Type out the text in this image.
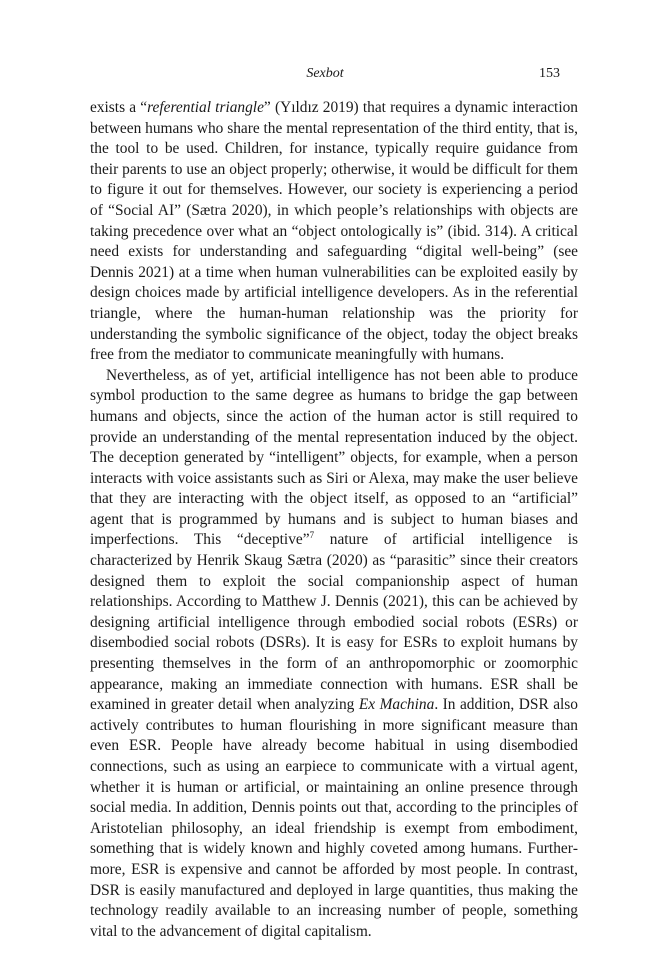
Sexbot	153

exists a “referential triangle” (Yıldız 2019) that requires a dynamic interaction between humans who share the mental representation of the third entity, that is, the tool to be used. Children, for instance, typically require guidance from their parents to use an object properly; otherwise, it would be difficult for them to figure it out for themselves. However, our society is experiencing a period of “Social AI” (Sætra 2020), in which people’s relationships with objects are taking precedence over what an “object ontologically is” (ibid. 314). A critical need exists for understanding and safeguarding “digital well-being” (see Dennis 2021) at a time when human vulnerabilities can be exploited easily by design choices made by artificial intelligence developers. As in the referential triangle, where the human-human relationship was the priority for understanding the symbolic significance of the object, today the object breaks free from the mediator to communicate meaningfully with humans.

Nevertheless, as of yet, artificial intelligence has not been able to produce symbol production to the same degree as humans to bridge the gap between humans and objects, since the action of the human actor is still required to provide an understanding of the mental representation induced by the object. The deception generated by “intelligent” objects, for example, when a person interacts with voice assistants such as Siri or Alexa, may make the user believe that they are interacting with the object itself, as opposed to an “artificial” agent that is programmed by humans and is subject to human biases and imperfections. This “deceptive”$^7$ nature of artificial intelligence is characterized by Henrik Skaug Sætra (2020) as “parasitic” since their creators designed them to exploit the social companionship aspect of human relationships. According to Matthew J. Dennis (2021), this can be achieved by designing artificial intelligence through embodied social robots (ESRs) or disembodied social robots (DSRs). It is easy for ESRs to exploit humans by presenting themselves in the form of an anthropomorphic or zoomorphic appearance, making an immediate connection with humans. ESR shall be examined in greater detail when analyzing Ex Machina. In addition, DSR also actively contributes to human flourishing in more significant measure than even ESR. People have already become habitual in using disembodied connections, such as using an earpiece to communicate with a virtual agent, whether it is human or artificial, or maintaining an online presence through social media. In addition, Dennis points out that, according to the principles of Aristotelian philosophy, an ideal friendship is exempt from embodiment, something that is widely known and highly coveted among humans. Furthermore, ESR is expensive and cannot be afforded by most people. In contrast, DSR is easily manufactured and deployed in large quantities, thus making the technology readily available to an increasing number of people, something vital to the advancement of digital capitalism.
